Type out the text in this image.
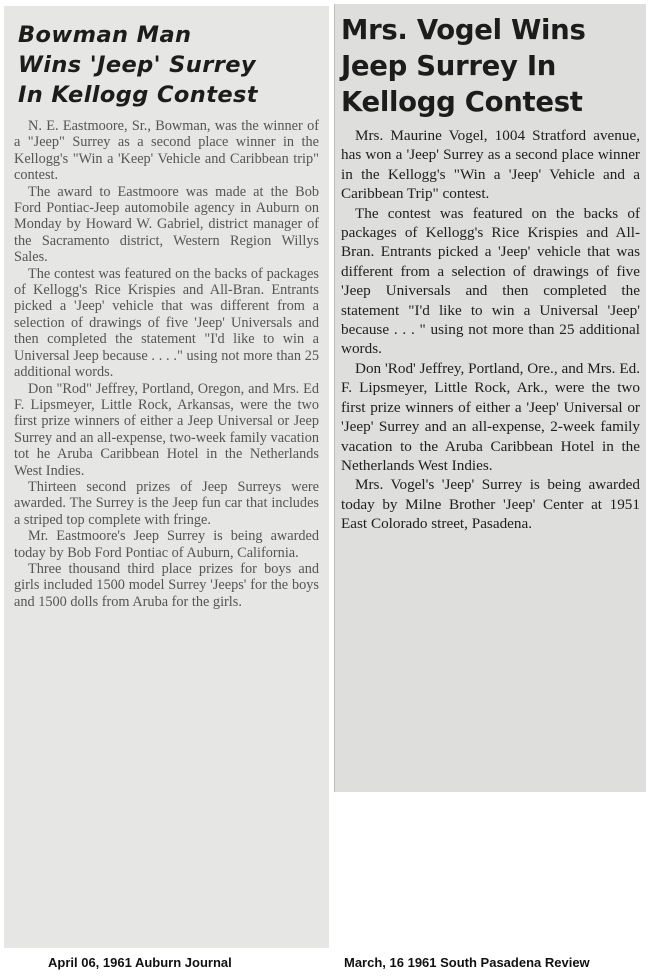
Bowman Man
Wins 'Jeep' Surrey
In Kellogg Contest

N. E. Eastmoore, Sr., Bowman, was the winner of a "Jeep" Surrey as a second place winner in the Kellogg's "Win a 'Keep' Vehicle and Caribbean trip" contest.

The award to Eastmoore was made at the Bob Ford Pontiac-Jeep automobile agency in Auburn on Monday by Howard W. Gabriel, district manager of the Sacramento district, Western Region Willys Sales.

The contest was featured on the backs of packages of Kellogg's Rice Krispies and All-Bran. Entrants picked a 'Jeep' vehicle that was different from a selection of drawings of five 'Jeep' Universals and then completed the statement "I'd like to win a Universal Jeep because . . . ." using not more than 25 additional words.

Don "Rod" Jeffrey, Portland, Oregon, and Mrs. Ed F. Lipsmeyer, Little Rock, Arkansas, were the two first prize winners of either a Jeep Universal or Jeep Surrey and an all-expense, two-week family vacation tot he Aruba Caribbean Hotel in the Netherlands West Indies.

Thirteen second prizes of Jeep Surreys were awarded. The Surrey is the Jeep fun car that includes a striped top complete with fringe.

Mr. Eastmoore's Jeep Surrey is being awarded today by Bob Ford Pontiac of Auburn, California.

Three thousand third place prizes for boys and girls included 1500 model Surrey 'Jeeps' for the boys and 1500 dolls from Aruba for the girls.

Mrs. Vogel Wins
Jeep Surrey In
Kellogg Contest

Mrs. Maurine Vogel, 1004 Stratford avenue, has won a 'Jeep' Surrey as a second place winner in the Kellogg's "Win a 'Jeep' Vehicle and a Caribbean Trip" contest.

The contest was featured on the backs of packages of Kellogg's Rice Krispies and All-Bran. Entrants picked a 'Jeep' vehicle that was different from a selection of drawings of five 'Jeep Universals and then completed the statement "I'd like to win a Universal 'Jeep' because . . . " using not more than 25 additional words.

Don 'Rod' Jeffrey, Portland, Ore., and Mrs. Ed. F. Lipsmeyer, Little Rock, Ark., were the two first prize winners of either a 'Jeep' Universal or 'Jeep' Surrey and an all-expense, 2-week family vacation to the Aruba Caribbean Hotel in the Netherlands West Indies.

Mrs. Vogel's 'Jeep' Surrey is being awarded today by Milne Brother 'Jeep' Center at 1951 East Colorado street, Pasadena.

April 06, 1961 Auburn Journal	March, 16 1961 South Pasadena Review
